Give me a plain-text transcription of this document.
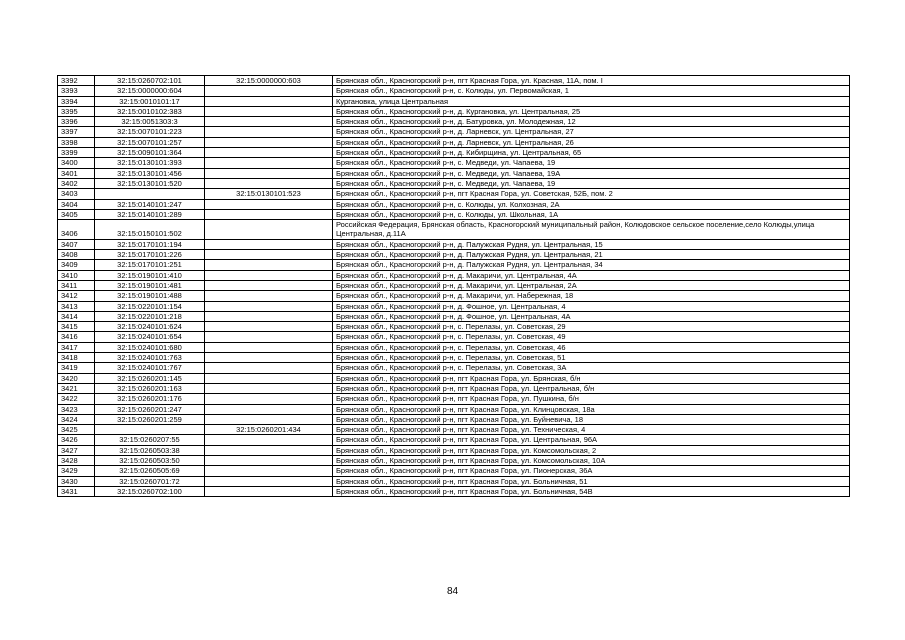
3392	32:15:0260702:101	32:15:0000000:603	Брянская обл., Красногорский р-н, пгт Красная Гора, ул. Красная, 11А, пом. I
3393	32:15:0000000:604		Брянская обл., Красногорский р-н, с. Колюды, ул. Первомайская, 1
3394	32:15:0010101:17		Кургановка, улица Центральная
3395	32:15:0010102:383		Брянская обл., Красногорский р-н, д. Кургановка, ул. Центральная, 25
3396	32:15:0051303:3		Брянская обл., Красногорский р-н, д. Батуровка, ул. Молодежная, 12
3397	32:15:0070101:223		Брянская обл., Красногорский р-н, д. Ларневск, ул. Центральная, 27
3398	32:15:0070101:257		Брянская обл., Красногорский р-н, д. Ларневск, ул. Центральная, 26
3399	32:15:0090101:364		Брянская обл., Красногорский р-н, д. Кибирщина, ул. Центральная, 65
3400	32:15:0130101:393		Брянская обл., Красногорский р-н, с. Медведи, ул. Чапаева, 19
3401	32:15:0130101:456		Брянская обл., Красногорский р-н, с. Медведи, ул. Чапаева, 19А
3402	32:15:0130101:520		Брянская обл., Красногорский р-н, с. Медведи, ул. Чапаева, 19
3403		32:15:0130101:523	Брянская обл., Красногорский р-н, пгт Красная Гора, ул. Советская, 52Б, пом. 2
3404	32:15:0140101:247		Брянская обл., Красногорский р-н, с. Колюды, ул. Колхозная, 2А
3405	32:15:0140101:289		Брянская обл., Красногорский р-н, с. Колюды, ул. Школьная, 1А
3406	32:15:0150101:502		Российская Федерация, Брянская область, Красногорский муниципальный район, Колюдовское сельское поселение,село Колюды,улица Центральная, д.11А
3407	32:15:0170101:194		Брянская обл., Красногорский р-н, д. Палужская Рудня, ул. Центральная, 15
3408	32:15:0170101:226		Брянская обл., Красногорский р-н, д. Палужская Рудня, ул. Центральная, 21
3409	32:15:0170101:251		Брянская обл., Красногорский р-н, д. Палужская Рудня, ул. Центральная, 34
3410	32:15:0190101:410		Брянская обл., Красногорский р-н, д. Макаричи, ул. Центральная, 4А
3411	32:15:0190101:481		Брянская обл., Красногорский р-н, д. Макаричи, ул. Центральная, 2А
3412	32:15:0190101:488		Брянская обл., Красногорский р-н, д. Макаричи, ул. Набережная, 18
3413	32:15:0220101:154		Брянская обл., Красногорский р-н, д. Фошное, ул. Центральная, 4
3414	32:15:0220101:218		Брянская обл., Красногорский р-н, д. Фошное, ул. Центральная, 4А
3415	32:15:0240101:624		Брянская обл., Красногорский р-н, с. Перелазы, ул. Советская, 29
3416	32:15:0240101:654		Брянская обл., Красногорский р-н, с. Перелазы, ул. Советская, 49
3417	32:15:0240101:680		Брянская обл., Красногорский р-н, с. Перелазы, ул. Советская, 46
3418	32:15:0240101:763		Брянская обл., Красногорский р-н, с. Перелазы, ул. Советская, 51
3419	32:15:0240101:767		Брянская обл., Красногорский р-н, с. Перелазы, ул. Советская, 3А
3420	32:15:0260201:145		Брянская обл., Красногорский р-н, пгт Красная Гора, ул. Брянская, б/н
3421	32:15:0260201:163		Брянская обл., Красногорский р-н, пгт Красная Гора, ул. Центральная, б/н
3422	32:15:0260201:176		Брянская обл., Красногорский р-н, пгт Красная Гора, ул. Пушкина, б/н
3423	32:15:0260201:247		Брянская обл., Красногорский р-н, пгт Красная Гора, ул. Клинцовская, 18а
3424	32:15:0260201:259		Брянская обл., Красногорский р-н, пгт Красная Гора, ул. Буйневича, 18
3425		32:15:0260201:434	Брянская обл., Красногорский р-н, пгт Красная Гора, ул. Техническая, 4
3426	32:15:0260207:55		Брянская обл., Красногорский р-н, пгт Красная Гора, ул. Центральная, 96А
3427	32:15:0260503:38		Брянская обл., Красногорский р-н, пгт Красная Гора, ул. Комсомольская, 2
3428	32:15:0260503:50		Брянская обл., Красногорский р-н, пгт Красная Гора, ул. Комсомольская, 10А
3429	32:15:0260505:69		Брянская обл., Красногорский р-н, пгт Красная Гора, ул. Пионерская, 36А
3430	32:15:0260701:72		Брянская обл., Красногорский р-н, пгт Красная Гора, ул. Больничная, 51
3431	32:15:0260702:100		Брянская обл., Красногорский р-н, пгт Красная Гора, ул. Больничная, 54В
84
